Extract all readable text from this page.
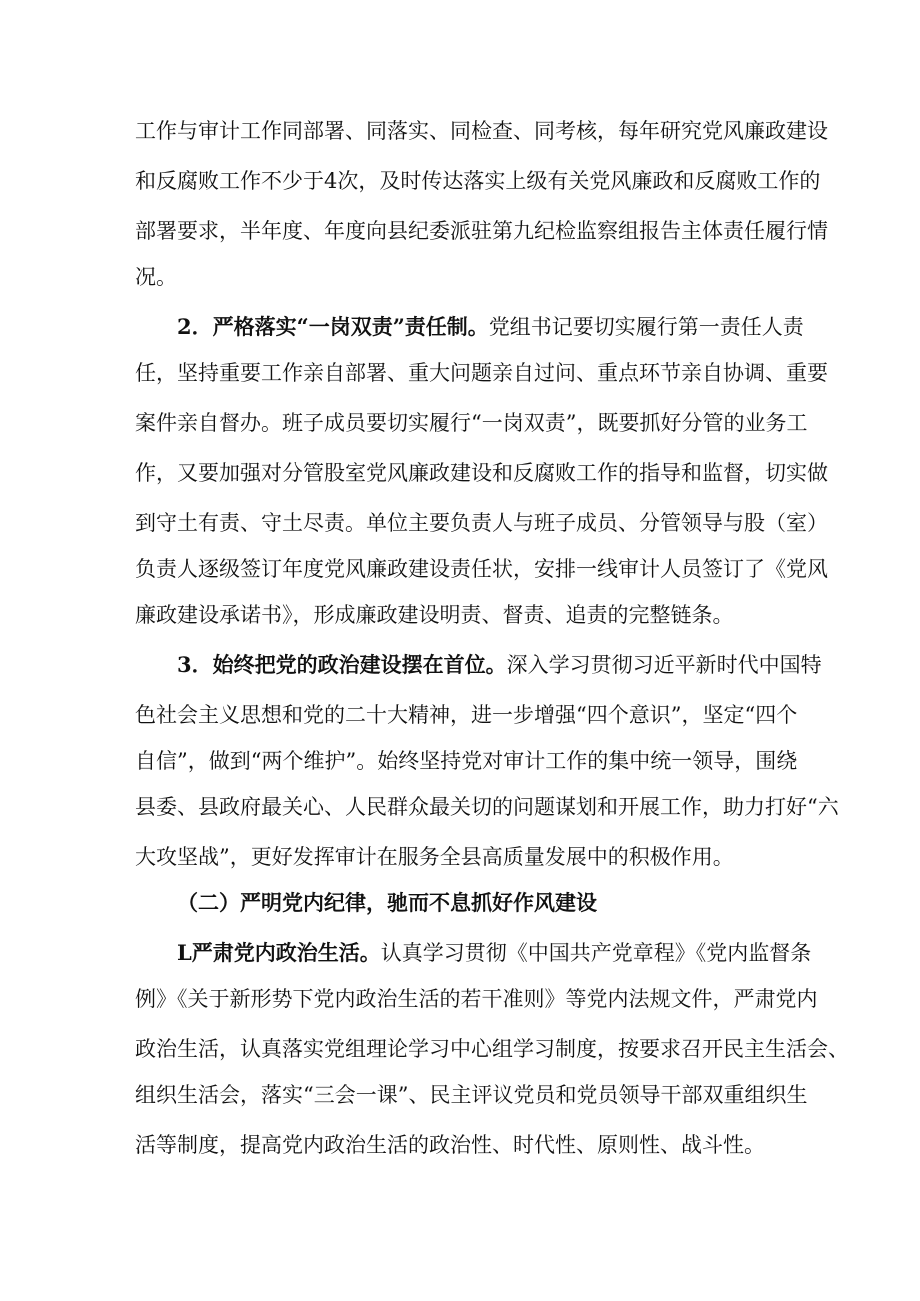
工作与审计工作同部署、同落实、同检查、同考核，每年研究党风廉政建设
和反腐败工作不少于4次，及时传达落实上级有关党风廉政和反腐败工作的
部署要求，半年度、年度向县纪委派驻第九纪检监察组报告主体责任履行情
况。
2．严格落实“一岗双责”责任制。党组书记要切实履行第一责任人责
任，坚持重要工作亲自部署、重大问题亲自过问、重点环节亲自协调、重要
案件亲自督办。班子成员要切实履行“一岗双责”，既要抓好分管的业务工
作，又要加强对分管股室党风廉政建设和反腐败工作的指导和监督，切实做
到守土有责、守土尽责。单位主要负责人与班子成员、分管领导与股（室）
负责人逐级签订年度党风廉政建设责任状，安排一线审计人员签订了《党风
廉政建设承诺书》，形成廉政建设明责、督责、追责的完整链条。
3．始终把党的政治建设摆在首位。深入学习贯彻习近平新时代中国特
色社会主义思想和党的二十大精神，进一步增强“四个意识”，坚定“四个
自信”，做到“两个维护”。始终坚持党对审计工作的集中统一领导，围绕
县委、县政府最关心、人民群众最关切的问题谋划和开展工作，助力打好“六
大攻坚战”，更好发挥审计在服务全县高质量发展中的积极作用。
（二）严明党内纪律，驰而不息抓好作风建设
L严肃党内政治生活。认真学习贯彻《中国共产党章程》《党内监督条
例》《关于新形势下党内政治生活的若干准则》等党内法规文件，严肃党内
政治生活，认真落实党组理论学习中心组学习制度，按要求召开民主生活会、
组织生活会，落实“三会一课”、民主评议党员和党员领导干部双重组织生
活等制度，提高党内政治生活的政治性、时代性、原则性、战斗性。
